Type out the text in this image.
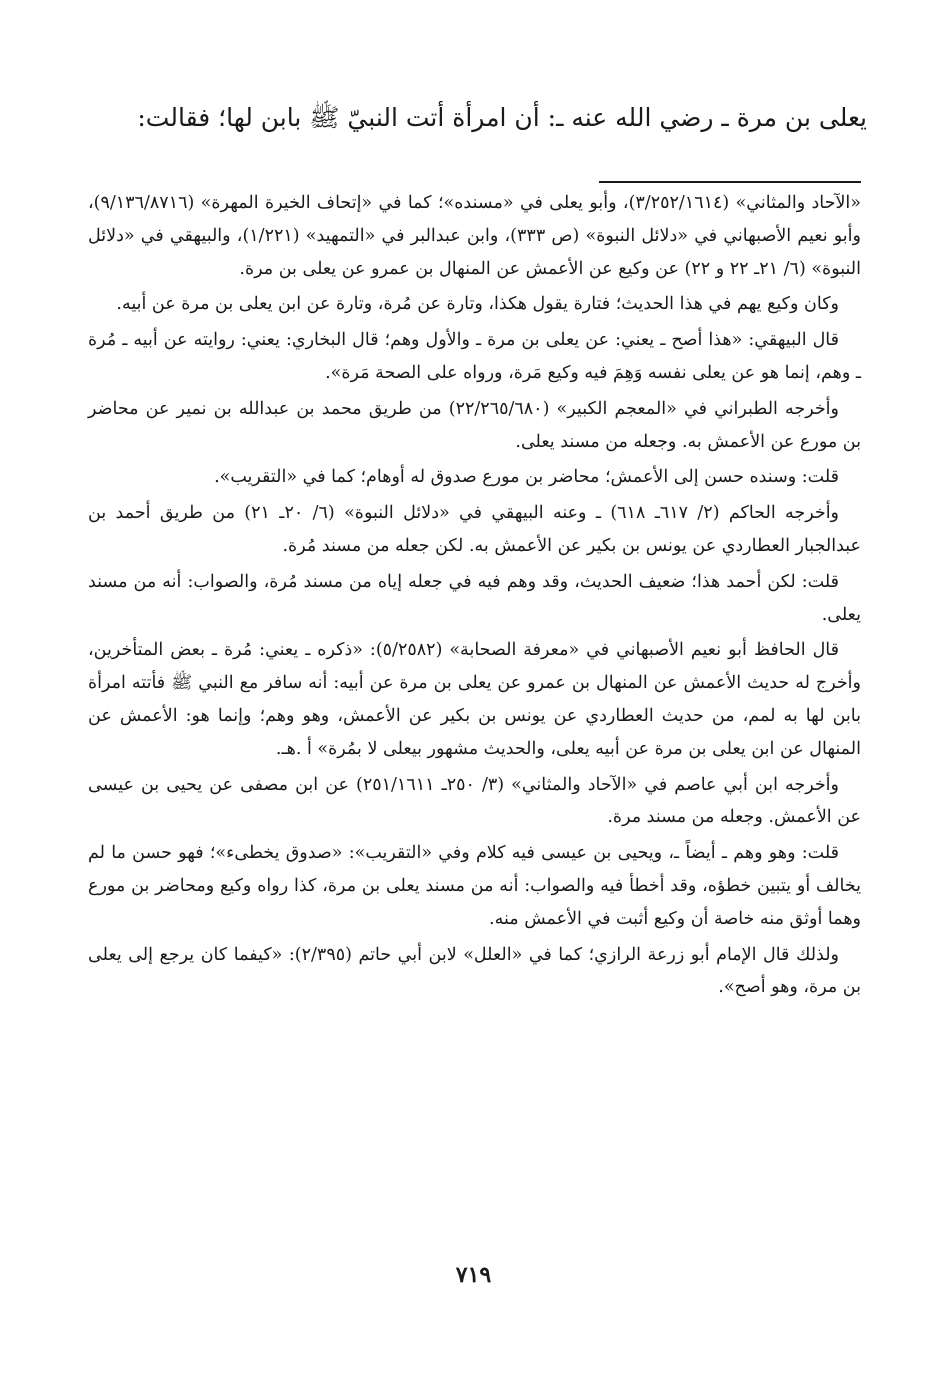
يعلى بن مرة ـ رضي الله عنه ـ: أن امرأة أتت النبيّ ﷺ بابن لها؛ فقالت:

«الآحاد والمثاني» (٣/٢٥٢/١٦١٤)، وأبو يعلى في «مسنده»؛ كما في «إتحاف الخيرة المهرة» (٩/١٣٦/٨٧١٦)، وأبو نعيم الأصبهاني في «دلائل النبوة» (ص ٣٣٣)، وابن عبدالبر في «التمهيد» (١/٢٢١)، والبيهقي في «دلائل النبوة» (٦/ ٢١ـ ٢٢ و ٢٢) عن وكيع عن الأعمش عن المنهال بن عمرو عن يعلى بن مرة.

وكان وكيع يهم في هذا الحديث؛ فتارة يقول هكذا، وتارة عن مُرة، وتارة عن ابن يعلى بن مرة عن أبيه.

قال البيهقي: «هذا أصح ـ يعني: عن يعلى بن مرة ـ والأول وهم؛ قال البخاري: يعني: روايته عن أبيه ـ مُرة ـ وهم، إنما هو عن يعلى نفسه وَهِمَ فيه وكيع مَرة، ورواه على الصحة مَرة».

وأخرجه الطبراني في «المعجم الكبير» (٢٢/٢٦٥/٦٨٠) من طريق محمد بن عبدالله بن نمير عن محاضر بن مورع عن الأعمش به. وجعله من مسند يعلى.

قلت: وسنده حسن إلى الأعمش؛ محاضر بن مورع صدوق له أوهام؛ كما في «التقريب».

وأخرجه الحاكم (٢/ ٦١٧ـ ٦١٨) ـ وعنه البيهقي في «دلائل النبوة» (٦/ ٢٠ـ ٢١) من طريق أحمد بن عبدالجبار العطاردي عن يونس بن بكير عن الأعمش به. لكن جعله من مسند مُرة.

قلت: لكن أحمد هذا؛ ضعيف الحديث، وقد وهم فيه في جعله إياه من مسند مُرة، والصواب: أنه من مسند يعلى.

قال الحافظ أبو نعيم الأصبهاني في «معرفة الصحابة» (٥/٢٥٨٢): «ذكره ـ يعني: مُرة ـ بعض المتأخرين، وأخرج له حديث الأعمش عن المنهال بن عمرو عن يعلى بن مرة عن أبيه: أنه سافر مع النبي ﷺ فأتته امرأة بابن لها به لمم، من حديث العطاردي عن يونس بن بكير عن الأعمش، وهو وهم؛ وإنما هو: الأعمش عن المنهال عن ابن يعلى بن مرة عن أبيه يعلى، والحديث مشهور بيعلى لا بمُرة» أ .هـ.

وأخرجه ابن أبي عاصم في «الآحاد والمثاني» (٣/ ٢٥٠ـ ٢٥١/١٦١١) عن ابن مصفى عن يحيى بن عيسى عن الأعمش. وجعله من مسند مرة.

قلت: وهو وهم ـ أيضاً ـ، ويحيى بن عيسى فيه كلام وفي «التقريب»: «صدوق يخطىء»؛ فهو حسن ما لم يخالف أو يتبين خطؤه، وقد أخطأ فيه والصواب: أنه من مسند يعلى بن مرة، كذا رواه وكيع ومحاضر بن مورع وهما أوثق منه خاصة أن وكيع أثبت في الأعمش منه.

ولذلك قال الإمام أبو زرعة الرازي؛ كما في «العلل» لابن أبي حاتم (٢/٣٩٥): «كيفما كان يرجع إلى يعلى بن مرة، وهو أصح».

٧١٩
